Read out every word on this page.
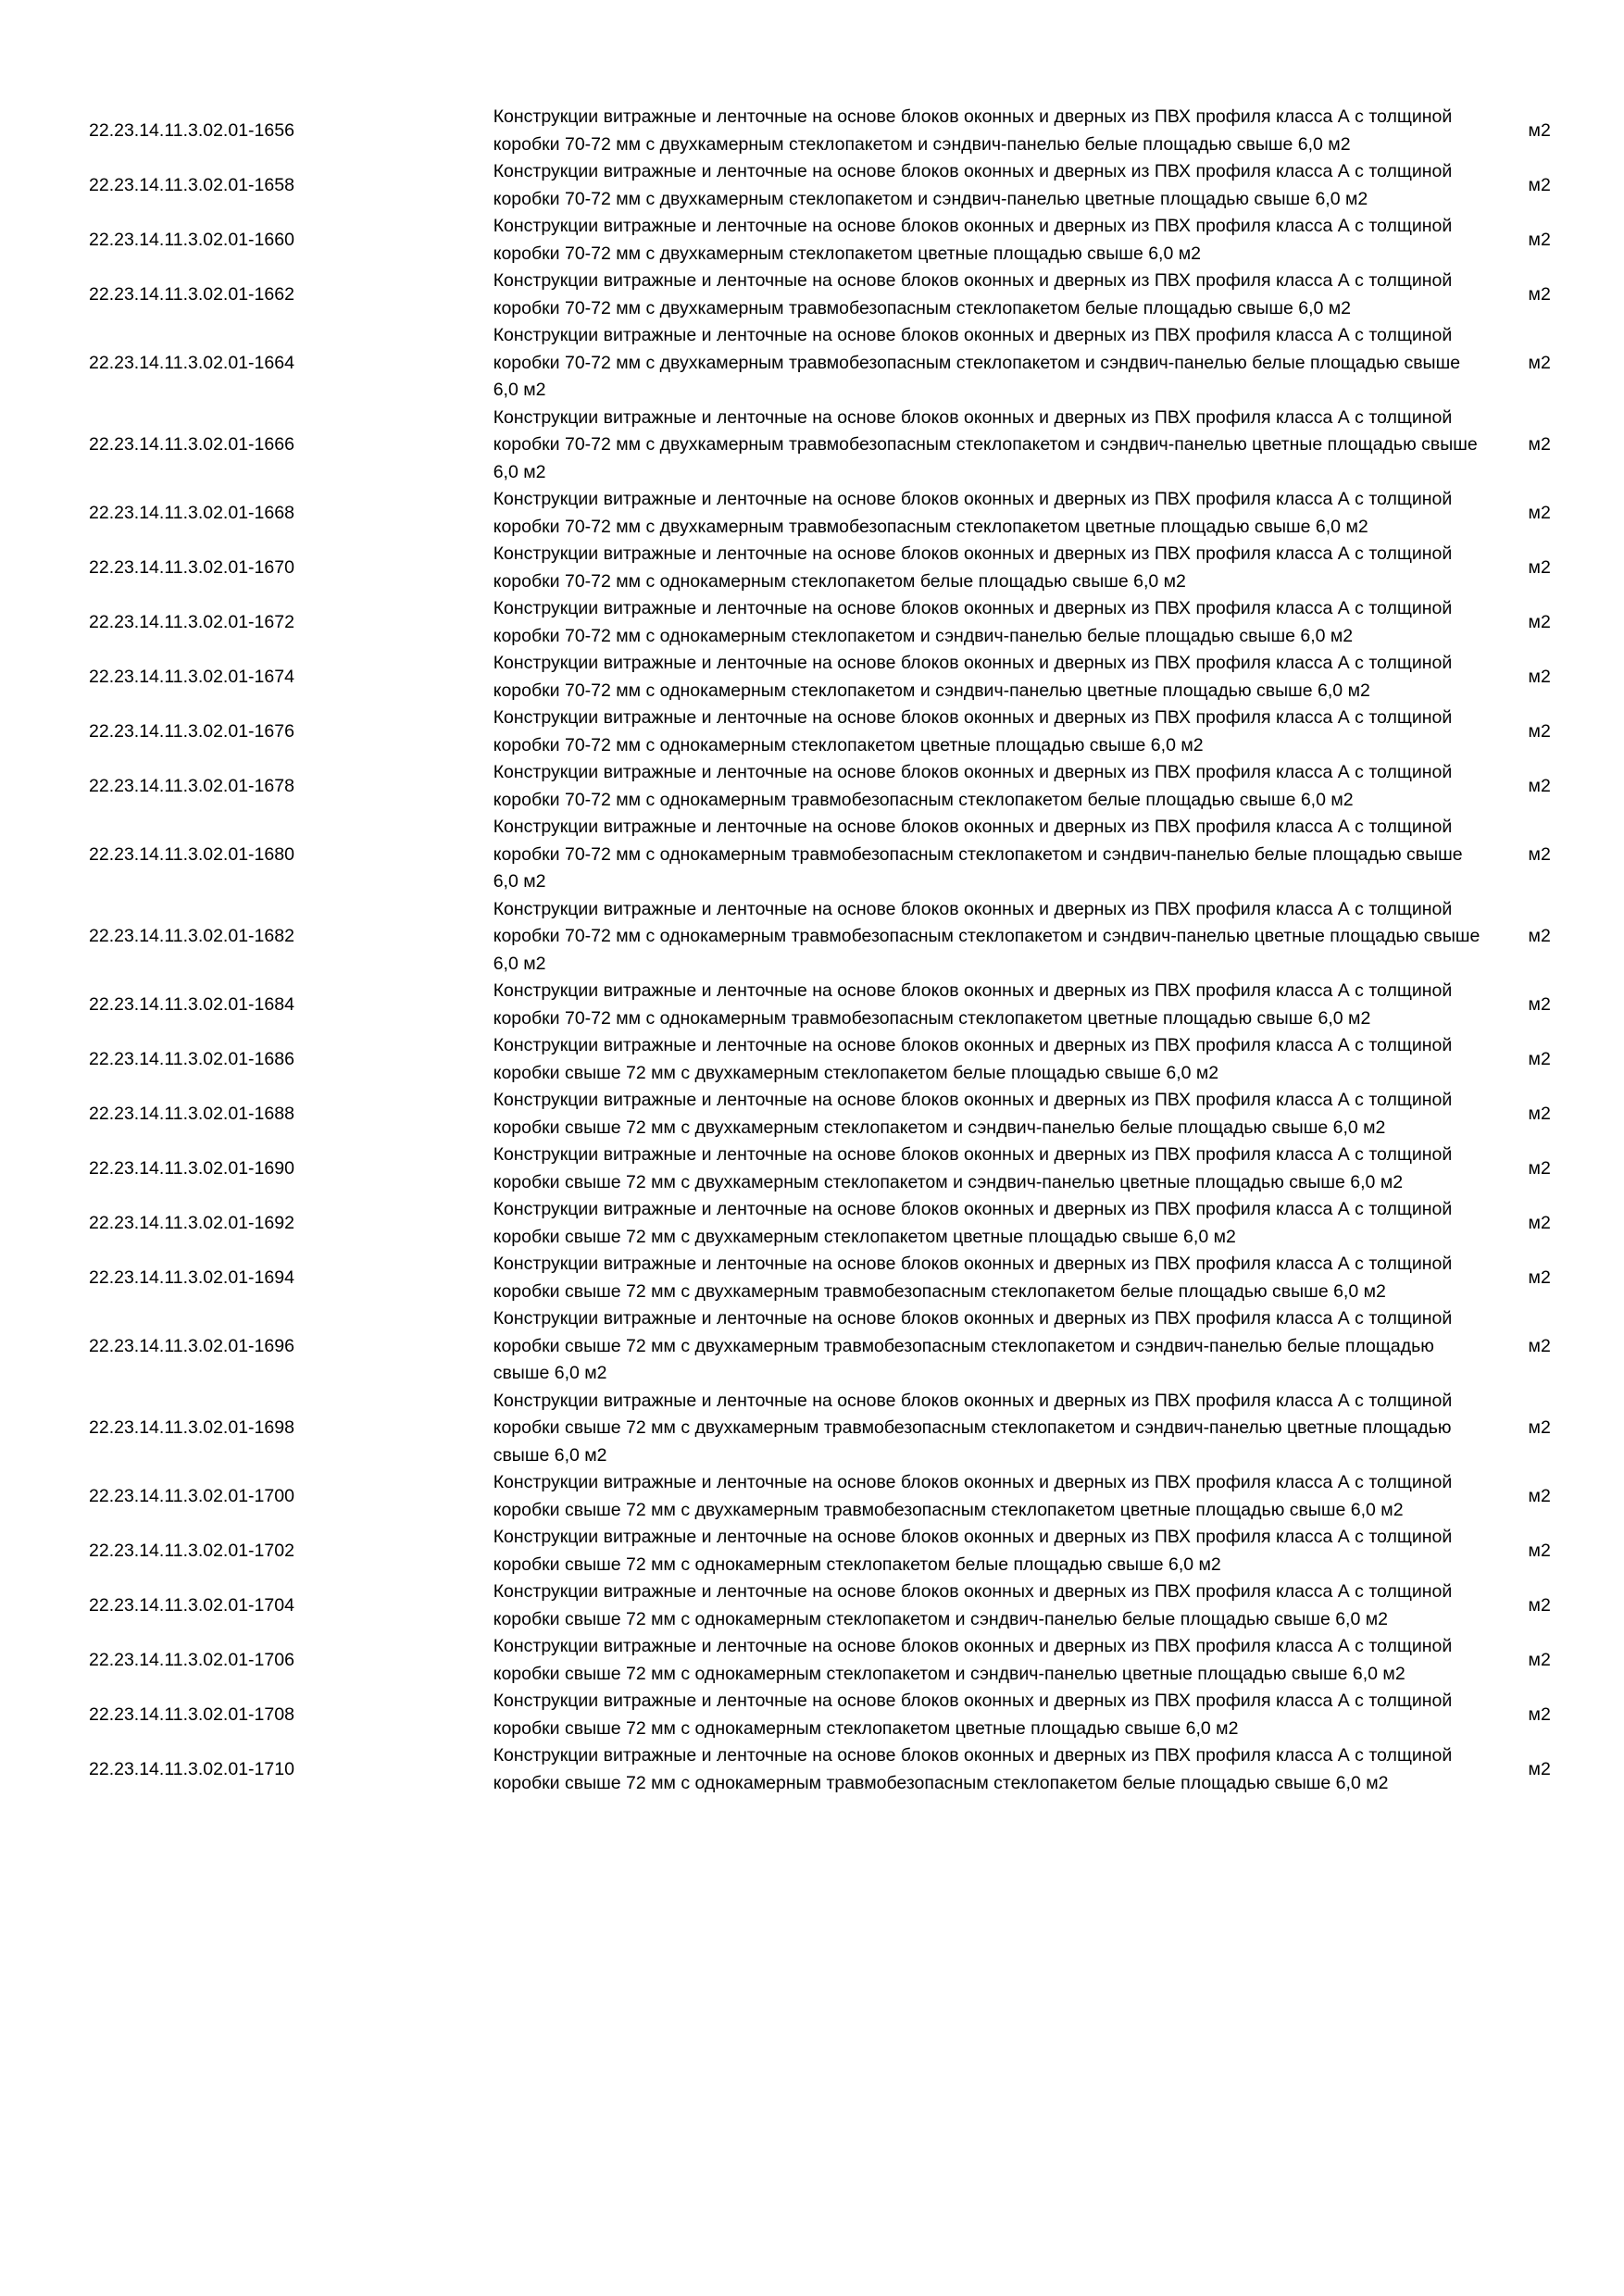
22.23.14.11.3.02.01-1656	Конструкции витражные и ленточные на основе блоков оконных и дверных из ПВХ профиля класса А с толщиной коробки 70-72 мм с двухкамерным стеклопакетом и сэндвич-панелью белые площадью свыше 6,0 м2	м2
22.23.14.11.3.02.01-1658	Конструкции витражные и ленточные на основе блоков оконных и дверных из ПВХ профиля класса А с толщиной коробки 70-72 мм с двухкамерным стеклопакетом и сэндвич-панелью цветные площадью свыше 6,0 м2	м2
22.23.14.11.3.02.01-1660	Конструкции витражные и ленточные на основе блоков оконных и дверных из ПВХ профиля класса А с толщиной коробки 70-72 мм с двухкамерным стеклопакетом цветные площадью свыше 6,0 м2	м2
22.23.14.11.3.02.01-1662	Конструкции витражные и ленточные на основе блоков оконных и дверных из ПВХ профиля класса А с толщиной коробки 70-72 мм с двухкамерным травмобезопасным стеклопакетом белые площадью свыше 6,0 м2	м2
22.23.14.11.3.02.01-1664	Конструкции витражные и ленточные на основе блоков оконных и дверных из ПВХ профиля класса А с толщиной коробки 70-72 мм с двухкамерным травмобезопасным стеклопакетом и сэндвич-панелью белые площадью свыше 6,0 м2	м2
22.23.14.11.3.02.01-1666	Конструкции витражные и ленточные на основе блоков оконных и дверных из ПВХ профиля класса А с толщиной коробки 70-72 мм с двухкамерным травмобезопасным стеклопакетом и сэндвич-панелью цветные площадью свыше 6,0 м2	м2
22.23.14.11.3.02.01-1668	Конструкции витражные и ленточные на основе блоков оконных и дверных из ПВХ профиля класса А с толщиной коробки 70-72 мм с двухкамерным травмобезопасным стеклопакетом цветные площадью свыше 6,0 м2	м2
22.23.14.11.3.02.01-1670	Конструкции витражные и ленточные на основе блоков оконных и дверных из ПВХ профиля класса А с толщиной коробки 70-72 мм с однокамерным стеклопакетом белые площадью свыше 6,0 м2	м2
22.23.14.11.3.02.01-1672	Конструкции витражные и ленточные на основе блоков оконных и дверных из ПВХ профиля класса А с толщиной коробки 70-72 мм с однокамерным стеклопакетом и сэндвич-панелью белые площадью свыше 6,0 м2	м2
22.23.14.11.3.02.01-1674	Конструкции витражные и ленточные на основе блоков оконных и дверных из ПВХ профиля класса А с толщиной коробки 70-72 мм с однокамерным стеклопакетом и сэндвич-панелью цветные площадью свыше 6,0 м2	м2
22.23.14.11.3.02.01-1676	Конструкции витражные и ленточные на основе блоков оконных и дверных из ПВХ профиля класса А с толщиной коробки 70-72 мм с однокамерным стеклопакетом цветные площадью свыше 6,0 м2	м2
22.23.14.11.3.02.01-1678	Конструкции витражные и ленточные на основе блоков оконных и дверных из ПВХ профиля класса А с толщиной коробки 70-72 мм с однокамерным травмобезопасным стеклопакетом белые площадью свыше 6,0 м2	м2
22.23.14.11.3.02.01-1680	Конструкции витражные и ленточные на основе блоков оконных и дверных из ПВХ профиля класса А с толщиной коробки 70-72 мм с однокамерным травмобезопасным стеклопакетом и сэндвич-панелью белые площадью свыше 6,0 м2	м2
22.23.14.11.3.02.01-1682	Конструкции витражные и ленточные на основе блоков оконных и дверных из ПВХ профиля класса А с толщиной коробки 70-72 мм с однокамерным травмобезопасным стеклопакетом и сэндвич-панелью цветные площадью свыше 6,0 м2	м2
22.23.14.11.3.02.01-1684	Конструкции витражные и ленточные на основе блоков оконных и дверных из ПВХ профиля класса А с толщиной коробки 70-72 мм с однокамерным травмобезопасным стеклопакетом цветные площадью свыше 6,0 м2	м2
22.23.14.11.3.02.01-1686	Конструкции витражные и ленточные на основе блоков оконных и дверных из ПВХ профиля класса А с толщиной коробки свыше 72 мм с двухкамерным стеклопакетом белые площадью свыше 6,0 м2	м2
22.23.14.11.3.02.01-1688	Конструкции витражные и ленточные на основе блоков оконных и дверных из ПВХ профиля класса А с толщиной коробки свыше 72 мм с двухкамерным стеклопакетом и сэндвич-панелью белые площадью свыше 6,0 м2	м2
22.23.14.11.3.02.01-1690	Конструкции витражные и ленточные на основе блоков оконных и дверных из ПВХ профиля класса А с толщиной коробки свыше 72 мм с двухкамерным стеклопакетом и сэндвич-панелью цветные площадью свыше 6,0 м2	м2
22.23.14.11.3.02.01-1692	Конструкции витражные и ленточные на основе блоков оконных и дверных из ПВХ профиля класса А с толщиной коробки свыше 72 мм с двухкамерным стеклопакетом цветные площадью свыше 6,0 м2	м2
22.23.14.11.3.02.01-1694	Конструкции витражные и ленточные на основе блоков оконных и дверных из ПВХ профиля класса А с толщиной коробки свыше 72 мм с двухкамерным травмобезопасным стеклопакетом белые площадью свыше 6,0 м2	м2
22.23.14.11.3.02.01-1696	Конструкции витражные и ленточные на основе блоков оконных и дверных из ПВХ профиля класса А с толщиной коробки свыше 72 мм с двухкамерным травмобезопасным стеклопакетом и сэндвич-панелью белые площадью свыше 6,0 м2	м2
22.23.14.11.3.02.01-1698	Конструкции витражные и ленточные на основе блоков оконных и дверных из ПВХ профиля класса А с толщиной коробки свыше 72 мм с двухкамерным травмобезопасным стеклопакетом и сэндвич-панелью цветные площадью свыше 6,0 м2	м2
22.23.14.11.3.02.01-1700	Конструкции витражные и ленточные на основе блоков оконных и дверных из ПВХ профиля класса А с толщиной коробки свыше 72 мм с двухкамерным травмобезопасным стеклопакетом цветные площадью свыше 6,0 м2	м2
22.23.14.11.3.02.01-1702	Конструкции витражные и ленточные на основе блоков оконных и дверных из ПВХ профиля класса А с толщиной коробки свыше 72 мм с однокамерным стеклопакетом белые площадью свыше 6,0 м2	м2
22.23.14.11.3.02.01-1704	Конструкции витражные и ленточные на основе блоков оконных и дверных из ПВХ профиля класса А с толщиной коробки свыше 72 мм с однокамерным стеклопакетом и сэндвич-панелью белые площадью свыше 6,0 м2	м2
22.23.14.11.3.02.01-1706	Конструкции витражные и ленточные на основе блоков оконных и дверных из ПВХ профиля класса А с толщиной коробки свыше 72 мм с однокамерным стеклопакетом и сэндвич-панелью цветные площадью свыше 6,0 м2	м2
22.23.14.11.3.02.01-1708	Конструкции витражные и ленточные на основе блоков оконных и дверных из ПВХ профиля класса А с толщиной коробки свыше 72 мм с однокамерным стеклопакетом цветные площадью свыше 6,0 м2	м2
22.23.14.11.3.02.01-1710	Конструкции витражные и ленточные на основе блоков оконных и дверных из ПВХ профиля класса А с толщиной коробки свыше 72 мм с однокамерным травмобезопасным стеклопакетом белые площадью свыше 6,0 м2	м2
